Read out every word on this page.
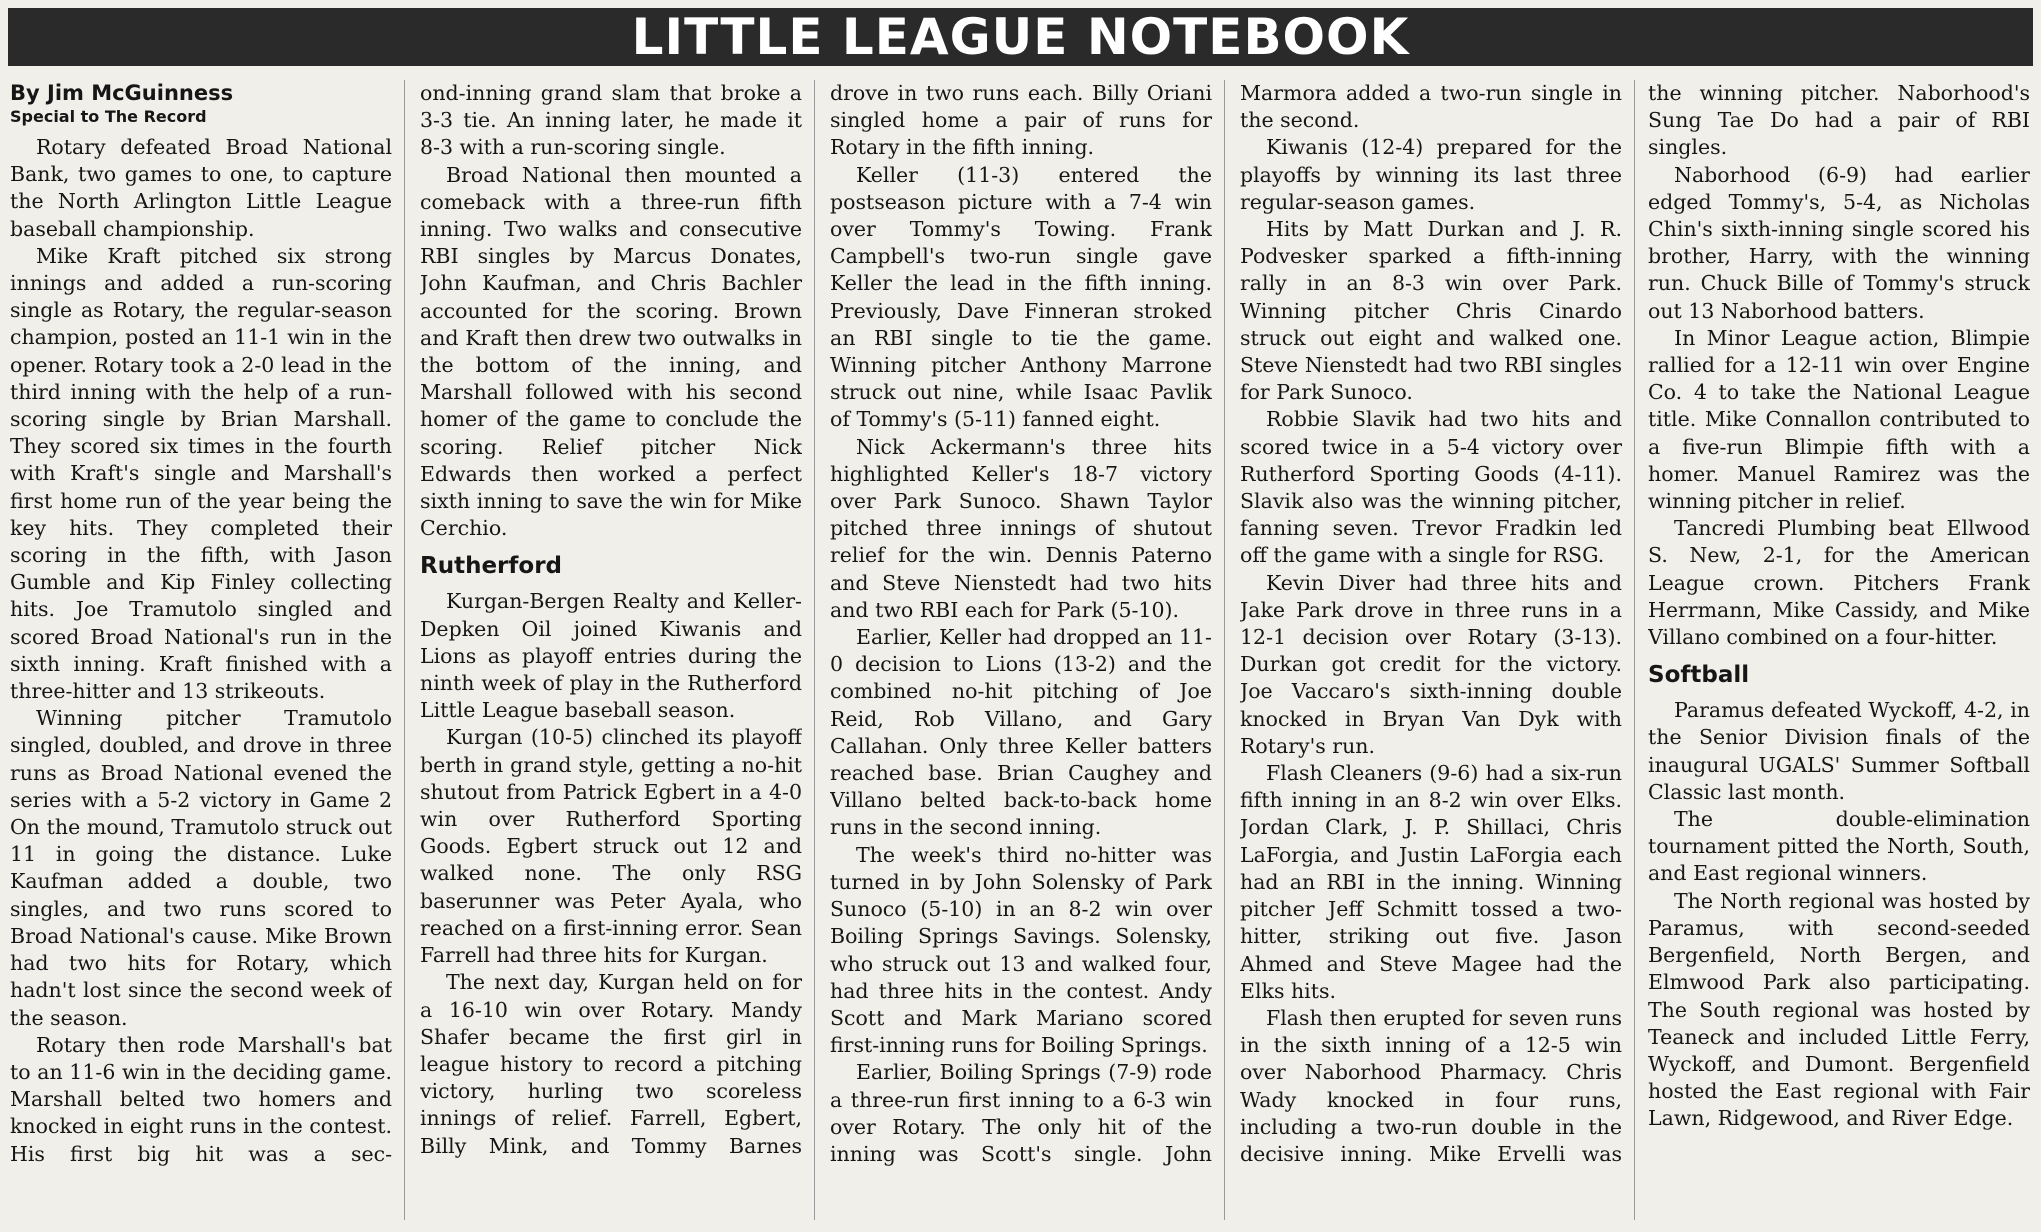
LITTLE LEAGUE NOTEBOOK
By Jim McGuinness
Special to The Record

Rotary defeated Broad National Bank, two games to one, to capture the North Arlington Little League baseball championship.

Mike Kraft pitched six strong innings and added a run-scoring single as Rotary, the regular-season champion, posted an 11-1 win in the opener. Rotary took a 2-0 lead in the third inning with the help of a run-scoring single by Brian Marshall. They scored six times in the fourth with Kraft's single and Marshall's first home run of the year being the key hits. They completed their scoring in the fifth, with Jason Gumble and Kip Finley collecting hits. Joe Tramutolo singled and scored Broad National's run in the sixth inning. Kraft finished with a three-hitter and 13 strikeouts.

Winning pitcher Tramutolo singled, doubled, and drove in three runs as Broad National evened the series with a 5-2 victory in Game 2 On the mound, Tramutolo struck out 11 in going the distance. Luke Kaufman added a double, two singles, and two runs scored to Broad National's cause. Mike Brown had two hits for Rotary, which hadn't lost since the second week of the season.

Rotary then rode Marshall's bat to an 11-6 win in the deciding game. Marshall belted two homers and knocked in eight runs in the contest. His first big hit was a sec-

ond-inning grand slam that broke a 3-3 tie. An inning later, he made it 8-3 with a run-scoring single.

Broad National then mounted a comeback with a three-run fifth inning. Two walks and consecutive RBI singles by Marcus Donates, John Kaufman, and Chris Bachler accounted for the scoring. Brown and Kraft then drew two outwalks in the bottom of the inning, and Marshall followed with his second homer of the game to conclude the scoring. Relief pitcher Nick Edwards then worked a perfect sixth inning to save the win for Mike Cerchio.

Rutherford

Kurgan-Bergen Realty and Keller-Depken Oil joined Kiwanis and Lions as playoff entries during the ninth week of play in the Rutherford Little League baseball season.

Kurgan (10-5) clinched its playoff berth in grand style, getting a no-hit shutout from Patrick Egbert in a 4-0 win over Rutherford Sporting Goods. Egbert struck out 12 and walked none. The only RSG baserunner was Peter Ayala, who reached on a first-inning error. Sean Farrell had three hits for Kurgan.

The next day, Kurgan held on for a 16-10 win over Rotary. Mandy Shafer became the first girl in league history to record a pitching victory, hurling two scoreless innings of relief. Farrell, Egbert, Billy Mink, and Tommy Barnes

drove in two runs each. Billy Oriani singled home a pair of runs for Rotary in the fifth inning.

Keller (11-3) entered the postseason picture with a 7-4 win over Tommy's Towing. Frank Campbell's two-run single gave Keller the lead in the fifth inning. Previously, Dave Finneran stroked an RBI single to tie the game. Winning pitcher Anthony Marrone struck out nine, while Isaac Pavlik of Tommy's (5-11) fanned eight.

Nick Ackermann's three hits highlighted Keller's 18-7 victory over Park Sunoco. Shawn Taylor pitched three innings of shutout relief for the win. Dennis Paterno and Steve Nienstedt had two hits and two RBI each for Park (5-10).

Earlier, Keller had dropped an 11-0 decision to Lions (13-2) and the combined no-hit pitching of Joe Reid, Rob Villano, and Gary Callahan. Only three Keller batters reached base. Brian Caughey and Villano belted back-to-back home runs in the second inning.

The week's third no-hitter was turned in by John Solensky of Park Sunoco (5-10) in an 8-2 win over Boiling Springs Savings. Solensky, who struck out 13 and walked four, had three hits in the contest. Andy Scott and Mark Mariano scored first-inning runs for Boiling Springs.

Earlier, Boiling Springs (7-9) rode a three-run first inning to a 6-3 win over Rotary. The only hit of the inning was Scott's single. John

Marmora added a two-run single in the second.

Kiwanis (12-4) prepared for the playoffs by winning its last three regular-season games.

Hits by Matt Durkan and J. R. Podvesker sparked a fifth-inning rally in an 8-3 win over Park. Winning pitcher Chris Cinardo struck out eight and walked one. Steve Nienstedt had two RBI singles for Park Sunoco.

Robbie Slavik had two hits and scored twice in a 5-4 victory over Rutherford Sporting Goods (4-11). Slavik also was the winning pitcher, fanning seven. Trevor Fradkin led off the game with a single for RSG.

Kevin Diver had three hits and Jake Park drove in three runs in a 12-1 decision over Rotary (3-13). Durkan got credit for the victory. Joe Vaccaro's sixth-inning double knocked in Bryan Van Dyk with Rotary's run.

Flash Cleaners (9-6) had a six-run fifth inning in an 8-2 win over Elks. Jordan Clark, J. P. Shillaci, Chris LaForgia, and Justin LaForgia each had an RBI in the inning. Winning pitcher Jeff Schmitt tossed a two-hitter, striking out five. Jason Ahmed and Steve Magee had the Elks hits.

Flash then erupted for seven runs in the sixth inning of a 12-5 win over Naborhood Pharmacy. Chris Wady knocked in four runs, including a two-run double in the decisive inning. Mike Ervelli was

the winning pitcher. Naborhood's Sung Tae Do had a pair of RBI singles.

Naborhood (6-9) had earlier edged Tommy's, 5-4, as Nicholas Chin's sixth-inning single scored his brother, Harry, with the winning run. Chuck Bille of Tommy's struck out 13 Naborhood batters.

In Minor League action, Blimpie rallied for a 12-11 win over Engine Co. 4 to take the National League title. Mike Connallon contributed to a five-run Blimpie fifth with a homer. Manuel Ramirez was the winning pitcher in relief.

Tancredi Plumbing beat Ellwood S. New, 2-1, for the American League crown. Pitchers Frank Herrmann, Mike Cassidy, and Mike Villano combined on a four-hitter.

Softball

Paramus defeated Wyckoff, 4-2, in the Senior Division finals of the inaugural UGALS' Summer Softball Classic last month.

The double-elimination tournament pitted the North, South, and East regional winners.

The North regional was hosted by Paramus, with second-seeded Bergenfield, North Bergen, and Elmwood Park also participating. The South regional was hosted by Teaneck and included Little Ferry, Wyckoff, and Dumont. Bergenfield hosted the East regional with Fair Lawn, Ridgewood, and River Edge.
